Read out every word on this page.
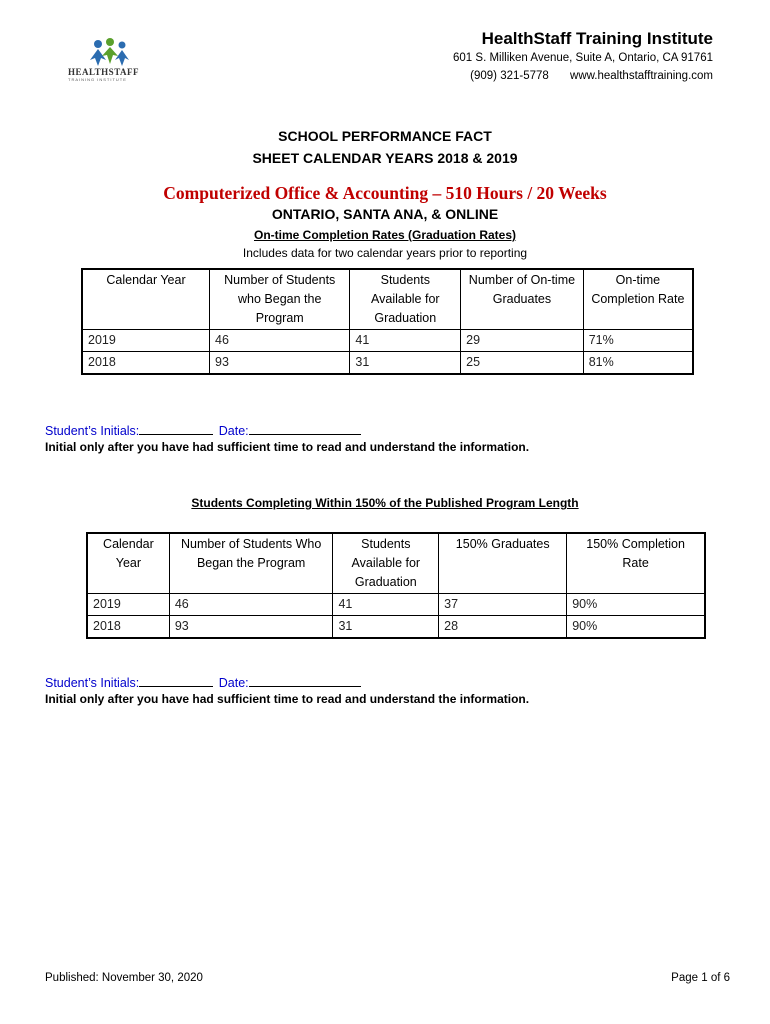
HEALTHSTAFF
TRAINING INSTITUTE
HealthStaff Training Institute
601 S. Milliken Avenue, Suite A, Ontario, CA 91761
(909) 321-5778 www.healthstafftraining.com
SCHOOL PERFORMANCE FACT
SHEET CALENDAR YEARS 2018 & 2019
Computerized Office & Accounting – 510 Hours / 20 Weeks
ONTARIO, SANTA ANA, & ONLINE
On-time Completion Rates (Graduation Rates)
Includes data for two calendar years prior to reporting
Calendar Year	Number of Students who Began the Program	Students Available for Graduation	Number of On-time Graduates	On-time Completion Rate
2019	46	41	29	71%
2018	93	31	25	81%
Student’s Initials:	Date:
Initial only after you have had sufficient time to read and understand the information.
Students Completing Within 150% of the Published Program Length
Calendar Year	Number of Students Who Began the Program	Students Available for Graduation	150% Graduates	150% Completion Rate
2019	46	41	37	90%
2018	93	31	28	90%
Student’s Initials:	Date:
Initial only after you have had sufficient time to read and understand the information.
Published: November 30, 2020	Page 1 of 6
